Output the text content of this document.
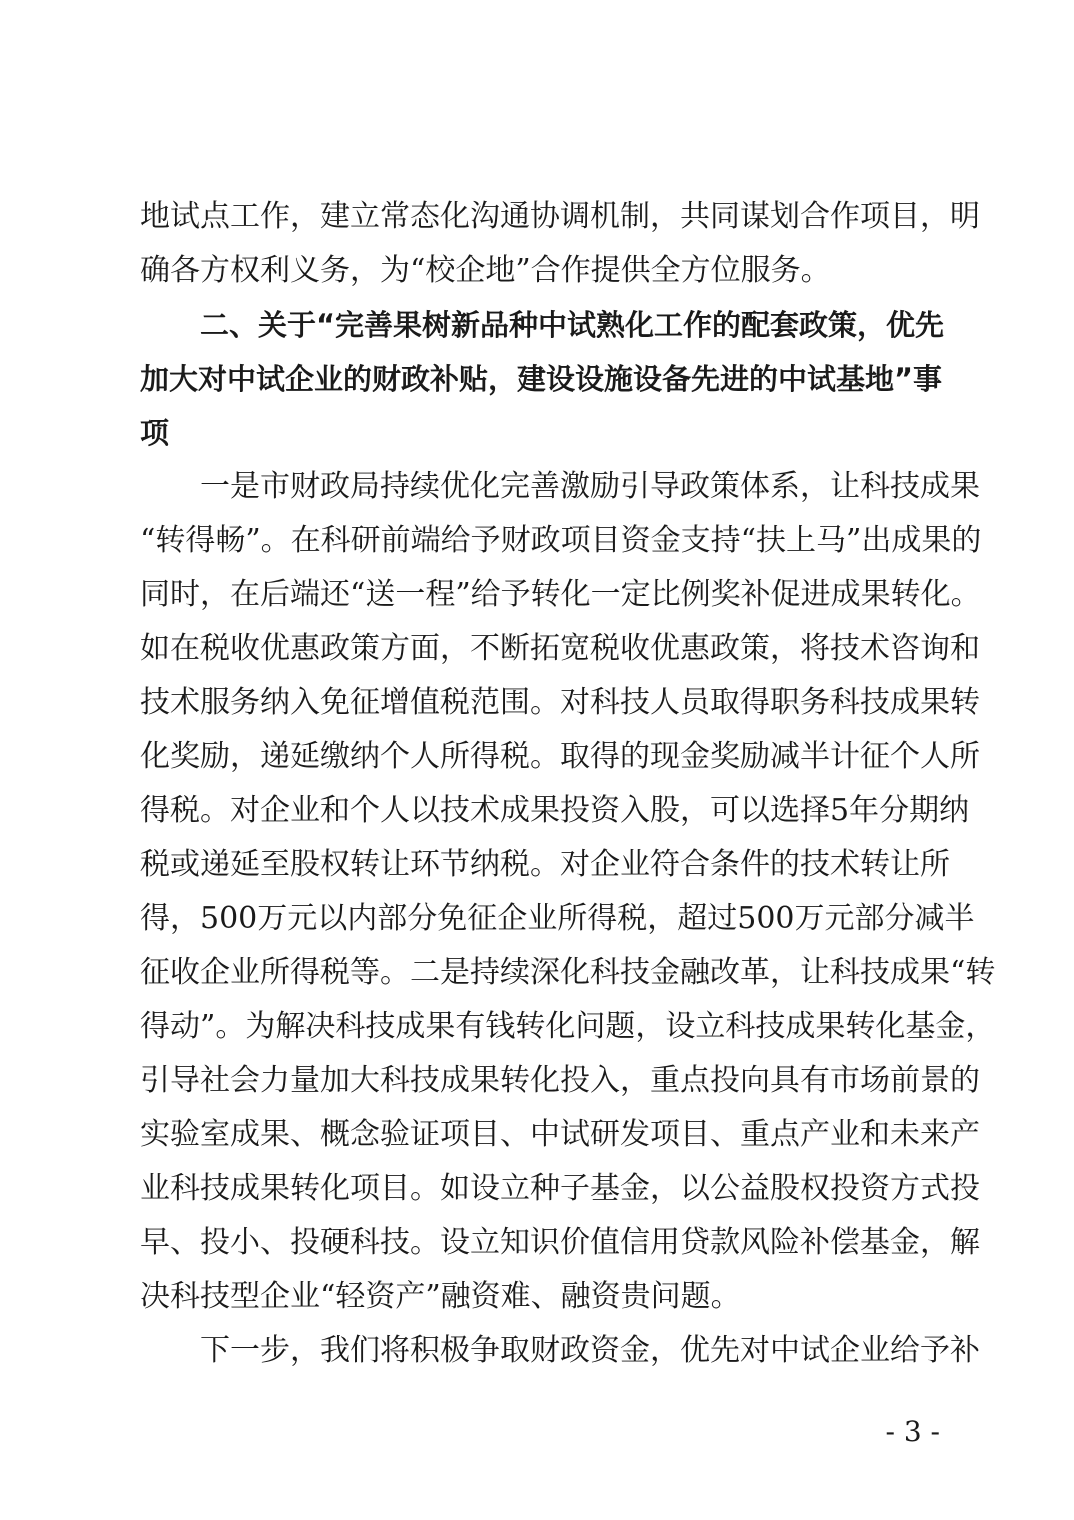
地试点工作，建立常态化沟通协调机制，共同谋划合作项目，明
确各方权利义务，为“校企地”合作提供全方位服务。
二、关于“完善果树新品种中试熟化工作的配套政策，优先
加大对中试企业的财政补贴，建设设施设备先进的中试基地”事
项
一是市财政局持续优化完善激励引导政策体系，让科技成果
“转得畅”。在科研前端给予财政项目资金支持“扶上马”出成果的
同时，在后端还“送一程”给予转化一定比例奖补促进成果转化。
如在税收优惠政策方面，不断拓宽税收优惠政策，将技术咨询和
技术服务纳入免征增值税范围。对科技人员取得职务科技成果转
化奖励，递延缴纳个人所得税。取得的现金奖励减半计征个人所
得税。对企业和个人以技术成果投资入股，可以选择5年分期纳
税或递延至股权转让环节纳税。对企业符合条件的技术转让所
得，500万元以内部分免征企业所得税，超过500万元部分减半
征收企业所得税等。二是持续深化科技金融改革，让科技成果“转
得动”。为解决科技成果有钱转化问题，设立科技成果转化基金，
引导社会力量加大科技成果转化投入，重点投向具有市场前景的
实验室成果、概念验证项目、中试研发项目、重点产业和未来产
业科技成果转化项目。如设立种子基金，以公益股权投资方式投
早、投小、投硬科技。设立知识价值信用贷款风险补偿基金，解
决科技型企业“轻资产”融资难、融资贵问题。
下一步，我们将积极争取财政资金，优先对中试企业给予补
- 3 -
